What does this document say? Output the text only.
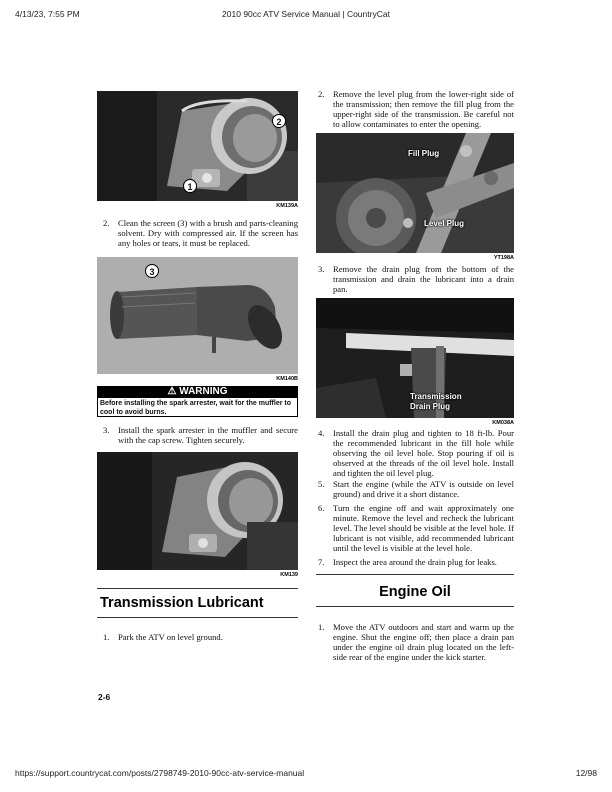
4/13/23, 7:55 PM	2010 90cc ATV Service Manual | CountryCat
2
1
KM139A
2. Clean the screen (3) with a brush and parts-cleaning solvent. Dry with compressed air. If the screen has any holes or tears, it must be replaced.
3
KM140B
⚠ WARNING
Before installing the spark arrester, wait for the muffler to cool to avoid burns.
3. Install the spark arrester in the muffler and secure with the cap screw. Tighten securely.
KM139
Transmission Lubricant
1. Park the ATV on level ground.
2-6
2. Remove the level plug from the lower-right side of the transmission; then remove the fill plug from the upper-right side of the transmission. Be careful not to allow contaminates to enter the opening.
Fill Plug
Level Plug
YT198A
3. Remove the drain plug from the bottom of the transmission and drain the lubricant into a drain pan.
Transmission
Drain Plug
KM038A
4. Install the drain plug and tighten to 18 ft-lb. Pour the recommended lubricant in the fill hole while observing the oil level hole. Stop pouring if oil is observed at the threads of the oil level hole. Install and tighten the oil level plug.
5. Start the engine (while the ATV is outside on level ground) and drive it a short distance.
6. Turn the engine off and wait approximately one minute. Remove the level and recheck the lubricant level. The level should be visible at the level hole. If lubricant is not visible, add recommended lubricant until the level is visible at the level hole.
7. Inspect the area around the drain plug for leaks.
Engine Oil
1. Move the ATV outdoors and start and warm up the engine. Shut the engine off; then place a drain pan under the engine oil drain plug located on the left-side rear of the engine under the kick starter.
https://support.countrycat.com/posts/2798749-2010-90cc-atv-service-manual	12/98
